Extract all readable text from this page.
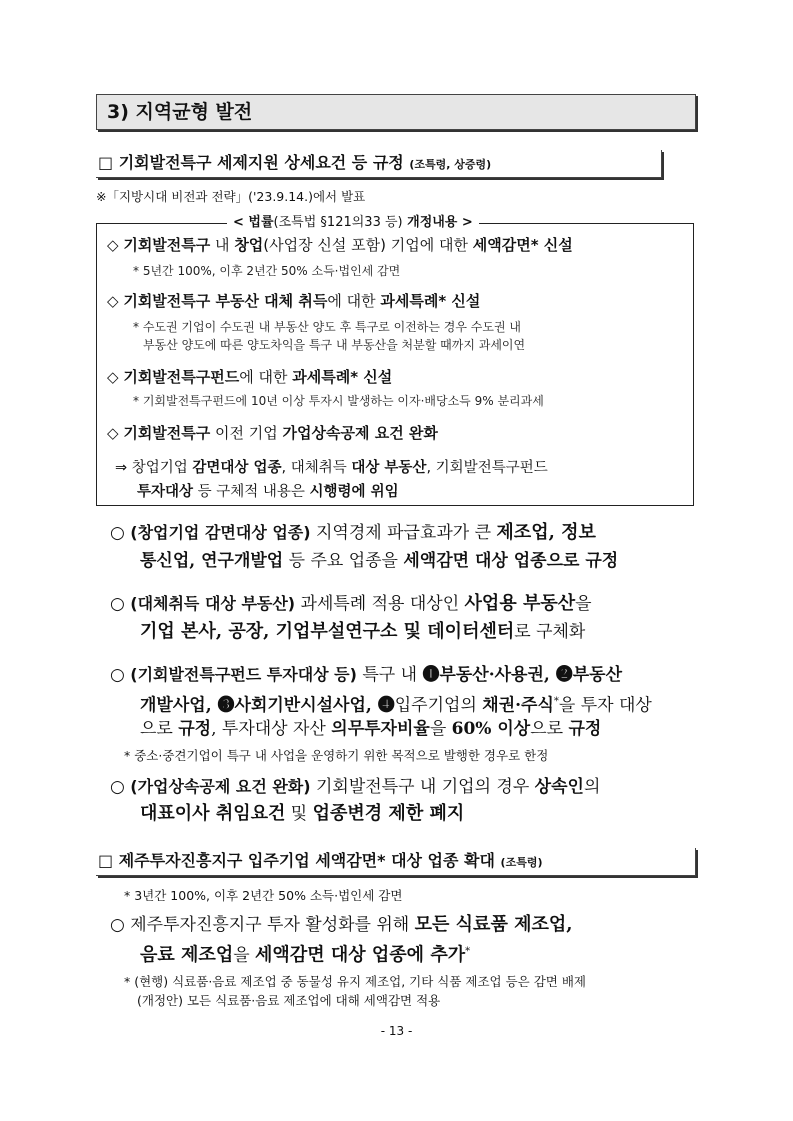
3) 지역균형 발전
□ 기회발전특구 세제지원 상세요건 등 규정 (조특령, 상증령)
※「지방시대 비전과 전략」('23.9.14.)에서 발표
< 법률(조특법 §121의33 등) 개정내용 >
◇ 기회발전특구 내 창업(사업장 신설 포함) 기업에 대한 세액감면* 신설
* 5년간 100%, 이후 2년간 50% 소득·법인세 감면
◇ 기회발전특구 부동산 대체 취득에 대한 과세특례* 신설
* 수도권 기업이 수도권 내 부동산 양도 후 특구로 이전하는 경우 수도권 내
부동산 양도에 따른 양도차익을 특구 내 부동산을 처분할 때까지 과세이연
◇ 기회발전특구펀드에 대한 과세특례* 신설
* 기회발전특구펀드에 10년 이상 투자시 발생하는 이자·배당소득 9% 분리과세
◇ 기회발전특구 이전 기업 가업상속공제 요건 완화
⇒ 창업기업 감면대상 업종, 대체취득 대상 부동산, 기회발전특구펀드
투자대상 등 구체적 내용은 시행령에 위임
○ (창업기업 감면대상 업종) 지역경제 파급효과가 큰 제조업, 정보
통신업, 연구개발업 등 주요 업종을 세액감면 대상 업종으로 규정
○ (대체취득 대상 부동산) 과세특례 적용 대상인 사업용 부동산을
기업 본사, 공장, 기업부설연구소 및 데이터센터로 구체화
○ (기회발전특구펀드 투자대상 등) 특구 내 ❶부동산·사용권, ❷부동산
개발사업, ❸사회기반시설사업, ❹입주기업의 채권·주식*을 투자 대상
으로 규정, 투자대상 자산 의무투자비율을 60% 이상으로 규정
* 중소·중견기업이 특구 내 사업을 운영하기 위한 목적으로 발행한 경우로 한정
○ (가업상속공제 요건 완화) 기회발전특구 내 기업의 경우 상속인의
대표이사 취임요건 및 업종변경 제한 폐지
□ 제주투자진흥지구 입주기업 세액감면* 대상 업종 확대 (조특령)
* 3년간 100%, 이후 2년간 50% 소득·법인세 감면
○ 제주투자진흥지구 투자 활성화를 위해 모든 식료품 제조업,
음료 제조업을 세액감면 대상 업종에 추가*
* (현행) 식료품·음료 제조업 중 동물성 유지 제조업, 기타 식품 제조업 등은 감면 배제
(개정안) 모든 식료품·음료 제조업에 대해 세액감면 적용
- 13 -
